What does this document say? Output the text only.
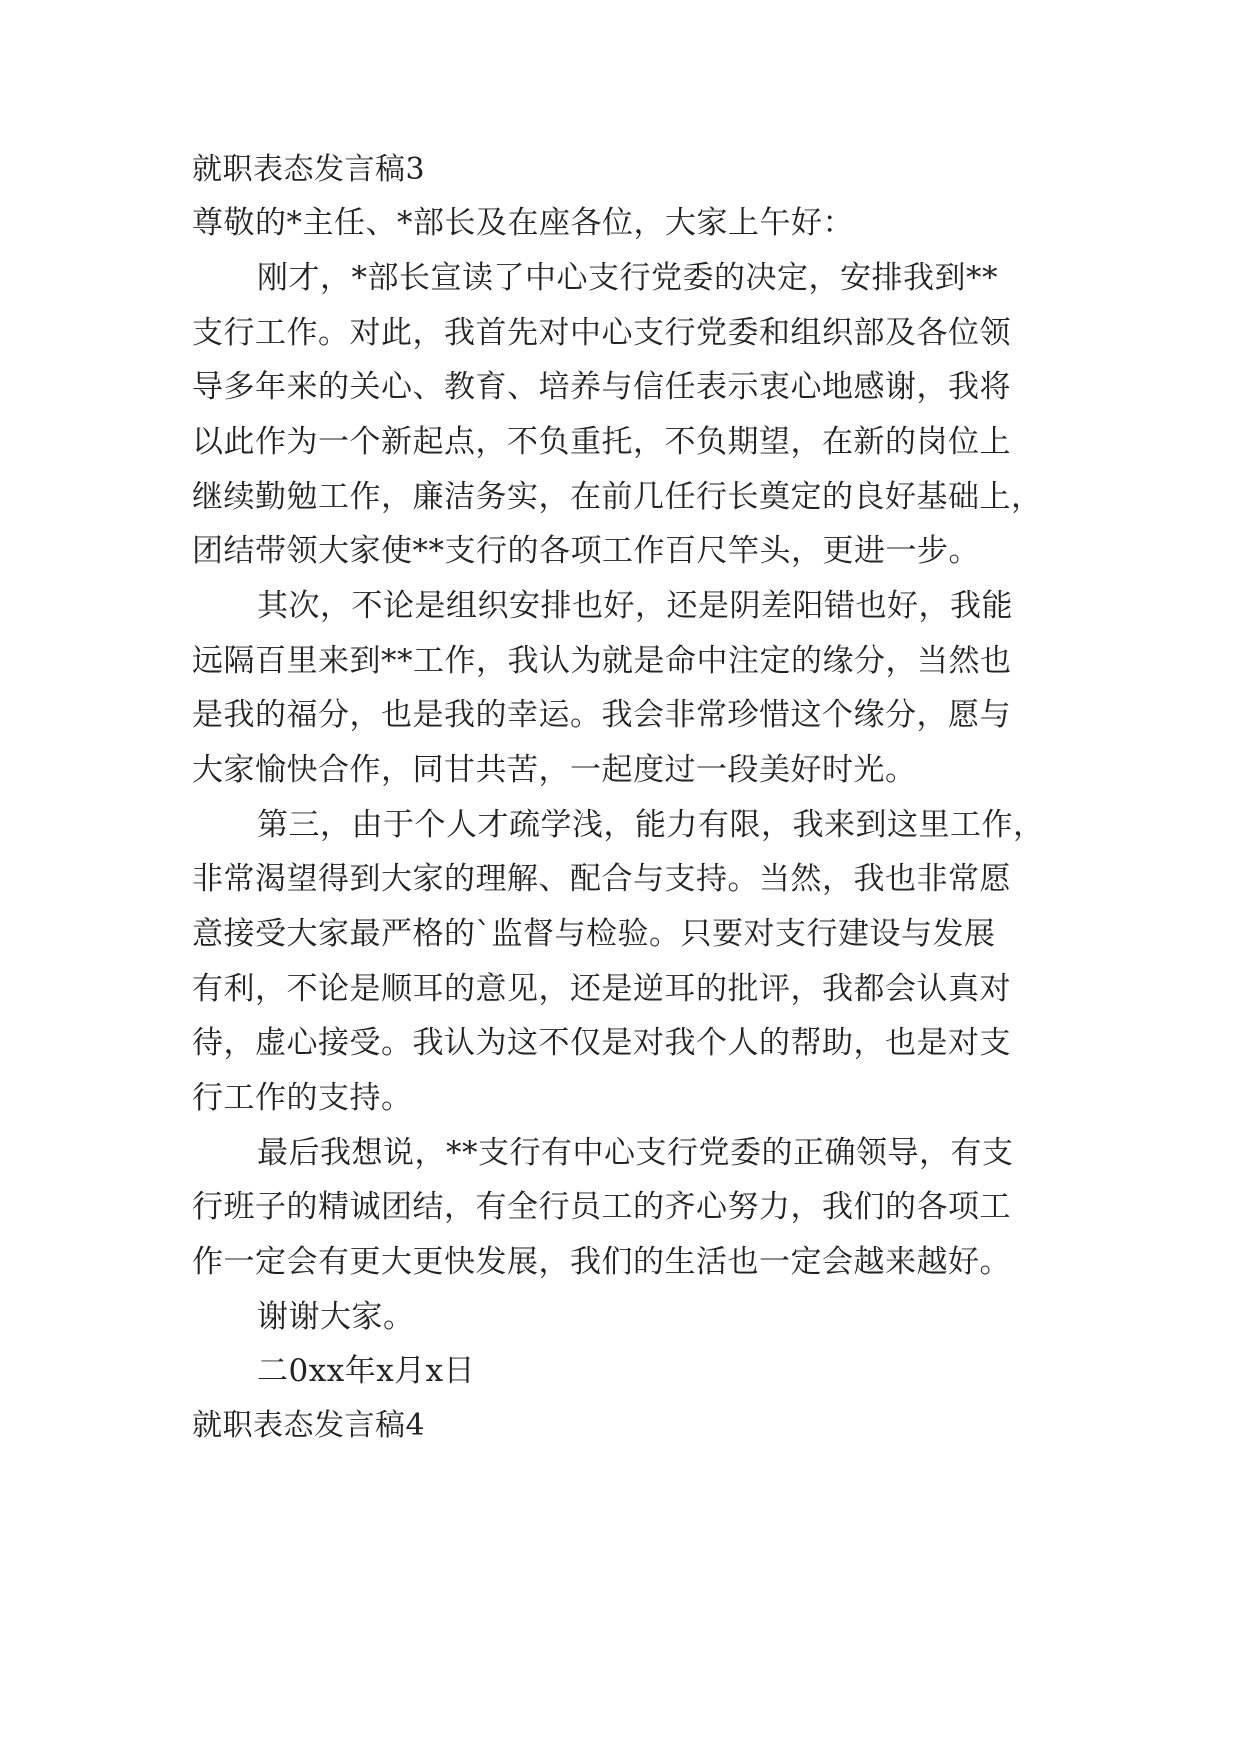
就职表态发言稿3
尊敬的*主任、*部长及在座各位，大家上午好：
刚才，*部长宣读了中心支行党委的决定，安排我到**
支行工作。对此，我首先对中心支行党委和组织部及各位领
导多年来的关心、教育、培养与信任表示衷心地感谢，我将
以此作为一个新起点，不负重托，不负期望，在新的岗位上
继续勤勉工作，廉洁务实，在前几任行长奠定的良好基础上，
团结带领大家使**支行的各项工作百尺竿头，更进一步。
其次，不论是组织安排也好，还是阴差阳错也好，我能
远隔百里来到**工作，我认为就是命中注定的缘分，当然也
是我的福分，也是我的幸运。我会非常珍惜这个缘分，愿与
大家愉快合作，同甘共苦，一起度过一段美好时光。
第三，由于个人才疏学浅，能力有限，我来到这里工作，
非常渴望得到大家的理解、配合与支持。当然，我也非常愿
意接受大家最严格的`监督与检验。只要对支行建设与发展
有利，不论是顺耳的意见，还是逆耳的批评，我都会认真对
待，虚心接受。我认为这不仅是对我个人的帮助，也是对支
行工作的支持。
最后我想说，**支行有中心支行党委的正确领导，有支
行班子的精诚团结，有全行员工的齐心努力，我们的各项工
作一定会有更大更快发展，我们的生活也一定会越来越好。
谢谢大家。
二0xx年x月x日
就职表态发言稿4
